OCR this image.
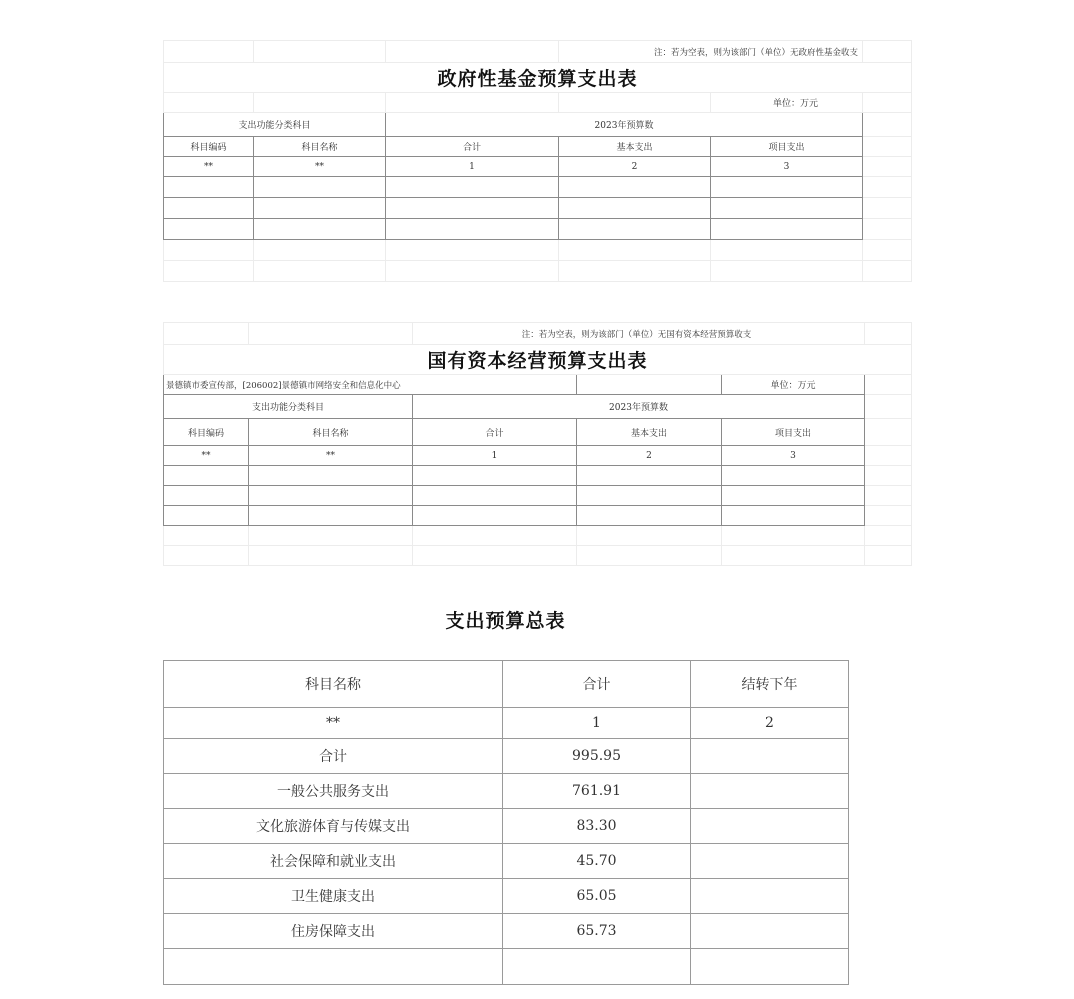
			注：若为空表，则为该部门（单位）无政府性基金收支		
政府性基金预算支出表					
				单位：万元	
支出功能分类科目		2023年预算数			
科目编码	科目名称	合计	基本支出	项目支出	
**	**	1	2	3	

		注：若为空表，则为该部门（单位）无国有资本经营预算收支			
国有资本经营预算支出表					
景德镇市委宣传部，[206002]景德镇市网络安全和信息化中心				单位：万元	
支出功能分类科目		2023年预算数			
科目编码	科目名称	合计	基本支出	项目支出	
**	**	1	2	3	

支出预算总表
科目名称	合计	结转下年
**	1	2
合计	995.95	
一般公共服务支出	761.91	
文化旅游体育与传媒支出	83.30	
社会保障和就业支出	45.70	
卫生健康支出	65.05	
住房保障支出	65.73	
